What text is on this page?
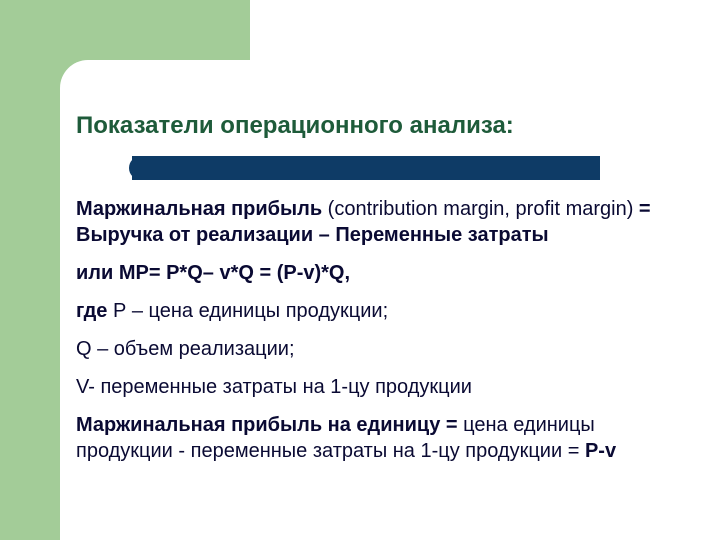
Показатели операционного анализа:

Маржинальная прибыль (contribution margin, profit margin) = Выручка от реализации – Переменные затраты

или МР= P*Q– v*Q = (P-v)*Q,

где Р – цена единицы продукции;

Q – объем реализации;

V- переменные затраты на 1-цу продукции

Маржинальная прибыль на единицу = цена единицы продукции - переменные затраты на 1-цу продукции = P-v
